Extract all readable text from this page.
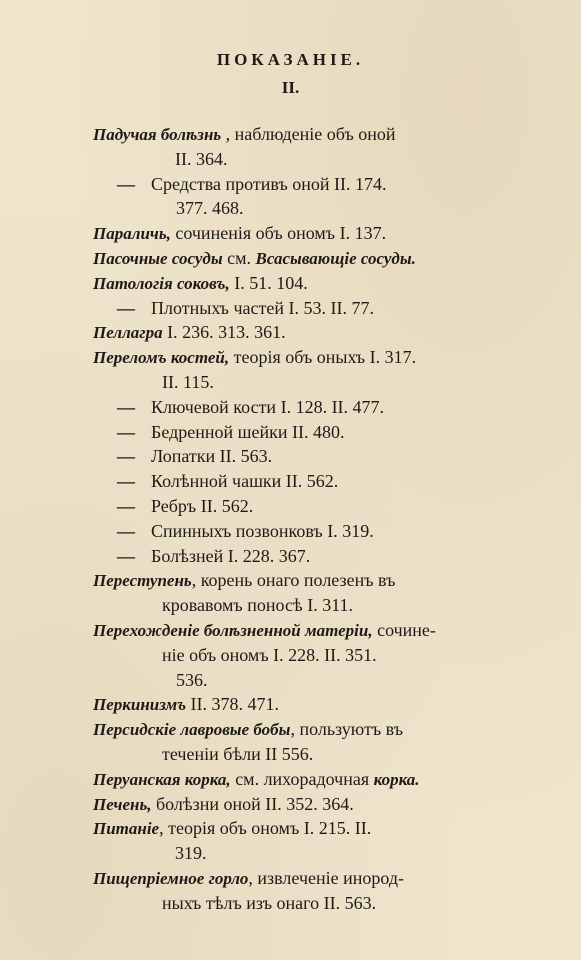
ПОКАЗАНІЕ.
II.
Падучая болѣзнь , наблюденіе объ оной
II. 364.
— Средства противъ оной II. 174.
377. 468.
Параличь, сочиненія объ ономъ I. 137.
Пасочные сосуды см. Всасывающіе сосуды.
Патологія соковъ, I. 51. 104.
— Плотныхъ частей I. 53. II. 77.
Пеллагра I. 236. 313. 361.
Переломъ костей, теорія объ оныхъ I. 317.
II. 115.
— Ключевой кости I. 128. II. 477.
— Бедренной шейки II. 480.
— Лопатки II. 563.
— Колѣнной чашки II. 562.
— Ребръ II. 562.
— Спинныхъ позвонковъ I. 319.
— Болѣзней I. 228. 367.
Переступень, корень онаго полезенъ въ
кровавомъ поносѣ I. 311.
Перехожденіе болѣзненной матеріи, сочине-
ніе объ ономъ I. 228. II. 351.
536.
Перкинизмъ II. 378. 471.
Персидскіе лавровые бобы, пользуютъ въ
теченіи бѣли II 556.
Перуанская корка, см. лихорадочная корка.
Печень, болѣзни оной II. 352. 364.
Питаніе, теорія объ ономъ I. 215. II.
319.
Пищепріемное горло, извлеченіе инород-
ныхъ тѣлъ изъ онаго II. 563.
